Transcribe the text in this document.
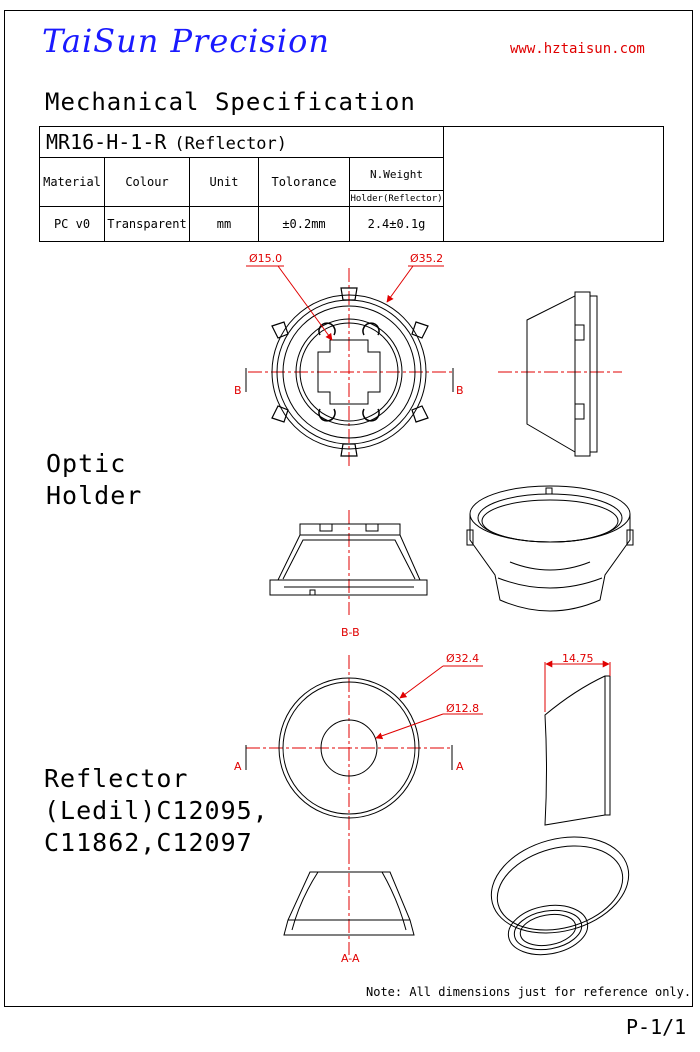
TaiSun Precision	www.hztaisun.com
Mechanical Specification
MR16-H-1-R (Reflector)					
Material	Colour	Unit	Tolorance	N.Weight	
				Holder(Reflector)	
PC v0	Transparent	mm	±0.2mm	2.4±0.1g	
Optic
Holder
Reflector
(Ledil)C12095,
C11862,C12097
Ø15.0	Ø35.2
B	B
B-B
Ø32.4
Ø12.8
14.75
A	A
A-A
Note: All dimensions just for reference only.
P-1/1
